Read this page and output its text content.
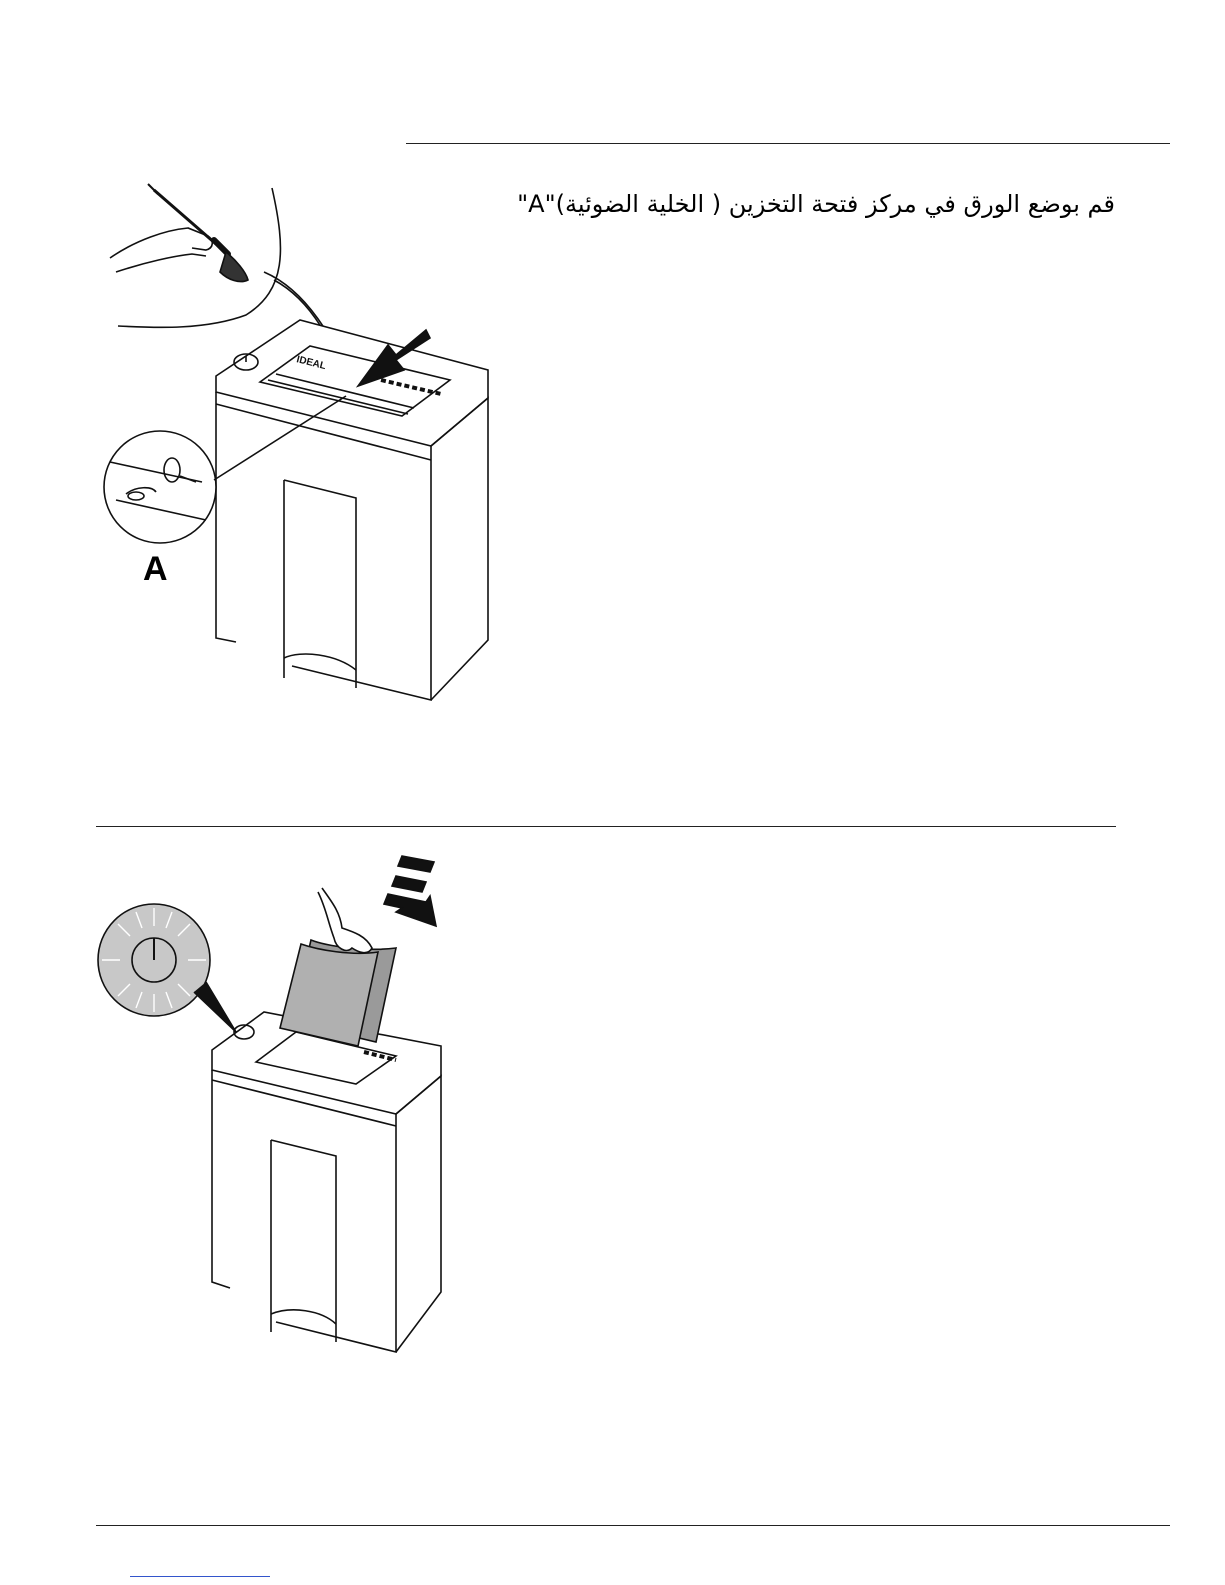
قم بوضع الورق في مركز فتحة التخزين ( الخلية الضوئية)"A"
IDEAL
A
